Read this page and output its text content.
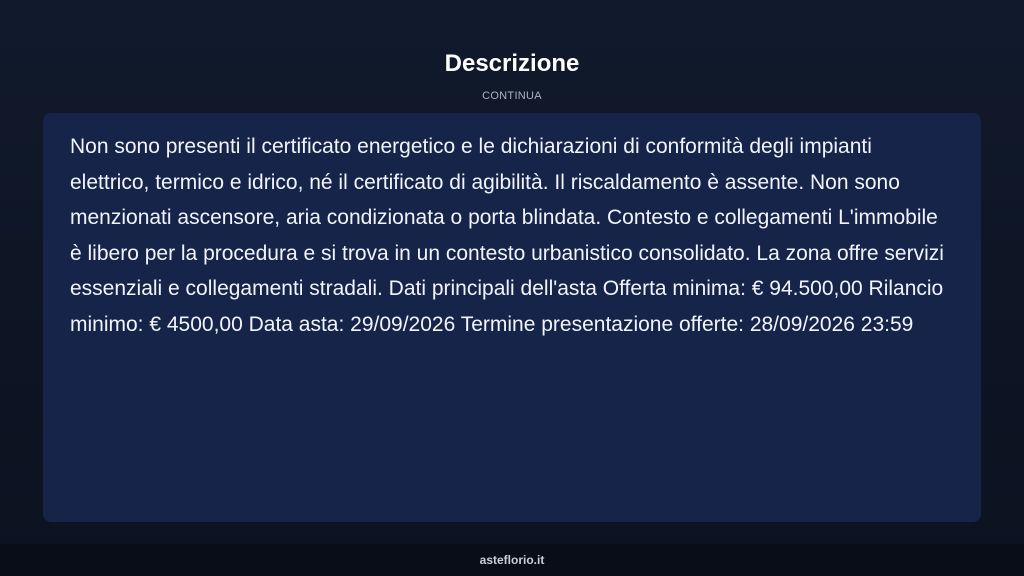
Descrizione
CONTINUA

Non sono presenti il certificato energetico e le dichiarazioni di conformità degli impianti elettrico, termico e idrico, né il certificato di agibilità. Il riscaldamento è assente. Non sono menzionati ascensore, aria condizionata o porta blindata. Contesto e collegamenti L'immobile è libero per la procedura e si trova in un contesto urbanistico consolidato. La zona offre servizi essenziali e collegamenti stradali. Dati principali dell'asta Offerta minima: € 94.500,00 Rilancio minimo: € 4500,00 Data asta: 29/09/2026 Termine presentazione offerte: 28/09/2026 23:59

asteflorio.it
